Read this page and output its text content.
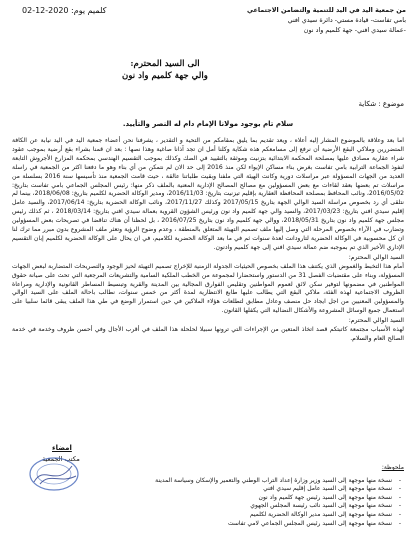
من جمعية اليد في اليد للتنمية والتضامن الاجتماعي
بامي تفاست- قيادة مستي- دائرة سيدي افني
-عمالة سيدي افني- جهة كلميم واد نون
كلميم يوم: 2020-12-02
الى السيد المحترم:
والي جهة كلميم واد نون
موضوع : شكاية
سلام تام بوجود مولانا الإمام دام له النصر والتأييد.

اما بعد وعلاقة بالموضوع المشار إليه أعلاه ، ويعد تقديم بما يليق بمقامكم من التحية و التقدير ، يشرفنا نحن أعضاء جمعية اليد في اليد نيابة عن الكافة المتضررين وملاكي البقع الأرضية أن نرفع إلى مسامعكم هذه شكاية وكلنا أمل ان تجد آذانا صاغية وهذا نصها : بعد ان قمنا بشراء بقع أرضية بموجب عقود شراء عقارية مصادق عليها بمصلحة المحكمة الابتدائية بتزنيت وموثقة بالتقييد في الصك وكذلك بموجب التقسيم الهندسي بمحكمة المزارع الأجروش التابعة لنفوذ الجماعة الترابية بامي تفاست بغرض بناء مساكن الإيواء لكن منذ 2016 إلى حد الان لم نتمكن من أي بناء وهو ما دفعنا اكثر من الجمعية في راسلة العديد من الجهات المسؤولة عبر مراسلات دورية وكانت الهيئة التي ملفنا وبقيت طلباتنا عالقة ، حيث قامت الجمعية منذ تأسيسها سنة 2016 بسلسلة من مراسلات تم بعضها بعقد لقاءات مع بعض المسؤولين مع مصالح المصالح الإدارية المعنية بالملف ذكر منها: رئيس المجلس الجماعي بامي تفاست بتاريخ: 2016/05/02، ونائب المحافظ بمصلحة المحافظة العقارية بإقليم تيزنيت بتاريخ: 2016/11/03، ومدير الوكالة الحضرية لكلميم بتاريخ: 2018/06/08، بينما لم نتلقى أي رد بخصوص مراسلة السيد الوالي الجهة بتاريخ 2017/05/15 وكذلك 2017/11/27، ونائب الوكالة الحضرية بتاريخ: 2017/06/14، والسيد عامل إقليم سيدي افني بتاريخ: 2017/03/23، والسيد والي جهة كلميم واد نون ورئيس الشؤون القروية بعمالة سيدي افني بتاريخ: 2018/03/14 ، ثم كذلك رئيس مجلس جهة كلميم واد نون بتاريخ 2018/05/31، ووالي جهة كلميم واد نون بتاريخ 2016/07/25 ، بل لحظنا أن هناك تناقضا في تصريحات بعض المسؤولين وتضارب في الآراء بخصوص المرحلة التي وصل إليها ملف تصميم التهيئة المتعلق بالمنطقة ، وعدم وضوح الرؤية وتعثر ملف المشروع بدون مبرر مما ترك لنا ان كل محسوبية في الوكالة الحضرية لتارودانت لعدة سنوات ثم في ما بعد الوكالة الحضرية لكلاميم، في ان يحال على الوكالة الحضرية لكلميم إبان التقسيم الإداري الأخير الذي تم بموجبه ضم عمالة سيدي افني إلى جهة كلميم وادنون.

السيد الوالي المحترم:

أمام هذا التخبط والغموض الذي يكتنف هذا الملف بخصوص الحيثيات الجدولة الزمنية للإخراج تصميم التهيئة لحيز الوجود والتصريحات المتضاربة لبعض الجهات المسؤولة، وبناء على مقتضيات الفصل 31 من الدستور واستحضارا لمجموعة من الخطب الملكية السامية والتشريعات المرجعية التي تحث على صيانة حقوق المواطنين في مضمونها لتوفير سكن لائق لعموم المواطنين وتقليص الفوارق المجالية بين المدينة والقرية وتبسيط المساطر القانونية والإدارية ومراعاة الظروف الاجتماعية لهذه الفئة، ملاكي البقع التي يطالب عليها طابع الانتظارية لمدة أكثر من خمس سنوات، نطالب باحالة الملف على السيد الوالي والمسؤولين المعنيين من اجل ايجاد حل منصف وعادل مطابق لتطلعات هؤلاء الملاكين في حين استمرار الوضع في طي هذا الملف يبقى قائما سلبيا على استعمال جميع الوسائل المشروعة والأشكال النضالية التي يكفلها القانون.

السيد الوالي المحترم:

لهذه الأسباب مجتمعة كاتبتكم قصد اتخاذ المتعين من الإجراءات التي ترونها سبيلا لحلحلة هذا الملف في أقرب الأجال وفي أحسن ظروف وخدمة في خدمة الصالح العام والسلام.

امضاء
مكتب الجمعية
ملحوظة:
- نسخة منها موجهة إلى السيد وزير وزارة إعداد التراب الوطني والتعمير والإسكان وسياسة المدينة
- نسخة منها موجهة إلى السيد عامل إقليم سيدي افني
- نسخة منها موجهة إلى السيد رئيس جهة كلميم واد نون
- نسخة منها موجهة إلى السيد نائب رئيسة المجلس الجهوي
- نسخة منها موجهة إلى السيد مدير الوكالة الحضرية لكلميم
- نسخة منها موجهة إلى السيد رئيس المجلس الجماعي لامي تفاست
